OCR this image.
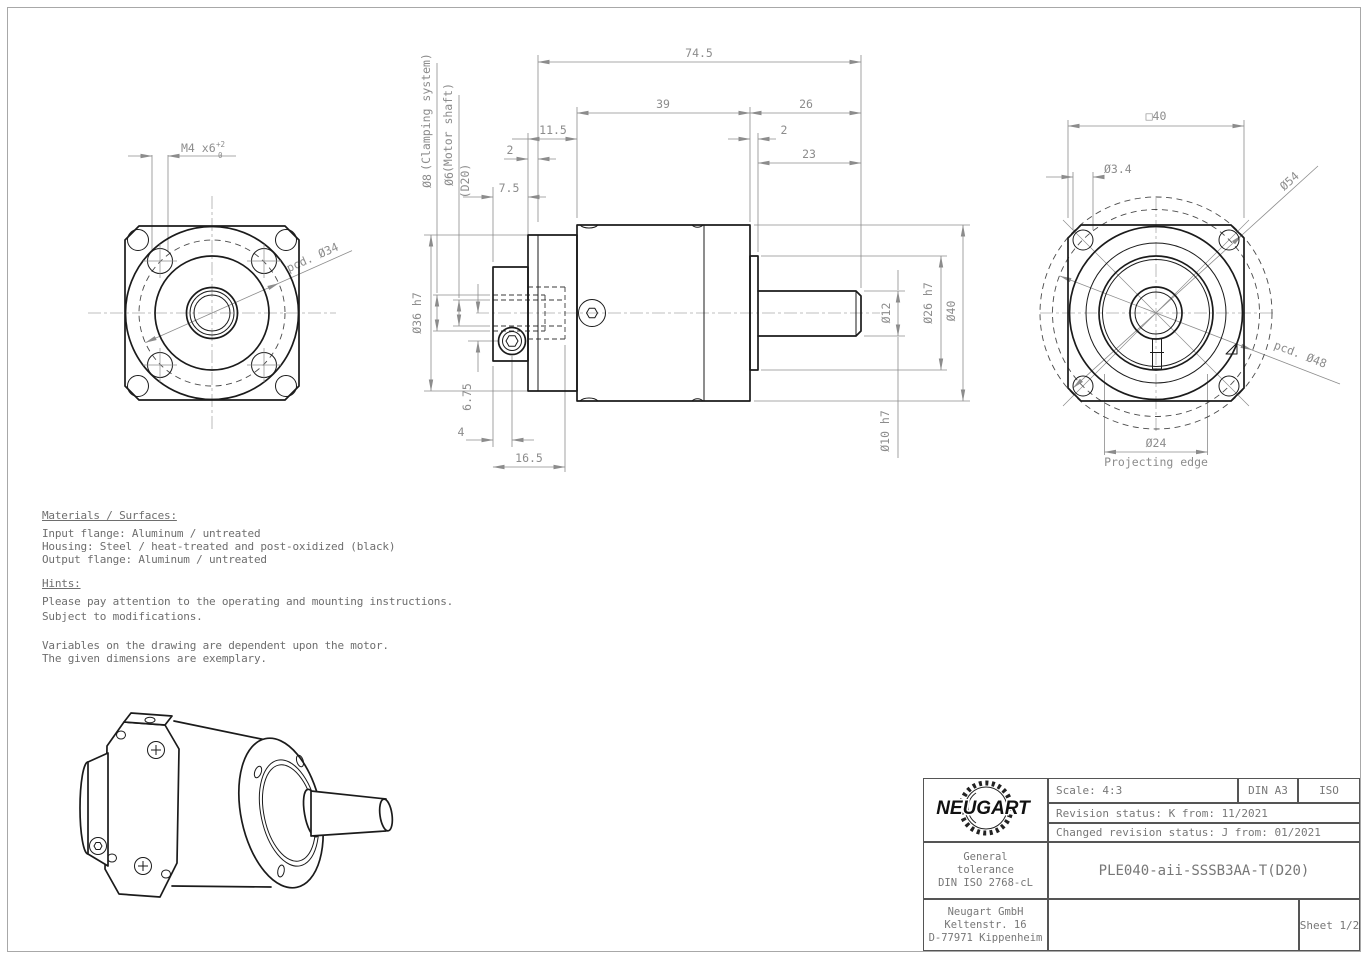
M4 x6 +2
0
pcd. Ø34
74.5
39	26
11.5
2
2
23
7.5
4
16.5
6.75
Ø36 h7
Ø8 Ø6 (D20)
(Clamping system) (Motor shaft)
Ø12
Ø10 h7
Ø26 h7 Ø40
□40
Ø3.4	Ø54
pcd. Ø48
Ø24
Projecting edge
Materials / Surfaces:
Input flange: Aluminum / untreated
Housing: Steel / heat-treated and post-oxidized (black)
Output flange: Aluminum / untreated
Hints:
Please pay attention to the operating and mounting instructions.
Subject to modifications.
Variables on the drawing are dependent upon the motor.
The given dimensions are exemplary.
NEUGART
Scale: 4:3	DIN A3	ISO
Revision status: K from: 11/2021
Changed revision status: J from: 01/2021
General
tolerance
DIN ISO 2768-cL
PLE040-aii-SSSB3AA-T(D20)
Neugart GmbH
Keltenstr. 16
D-77971 Kippenheim
Sheet 1/2
